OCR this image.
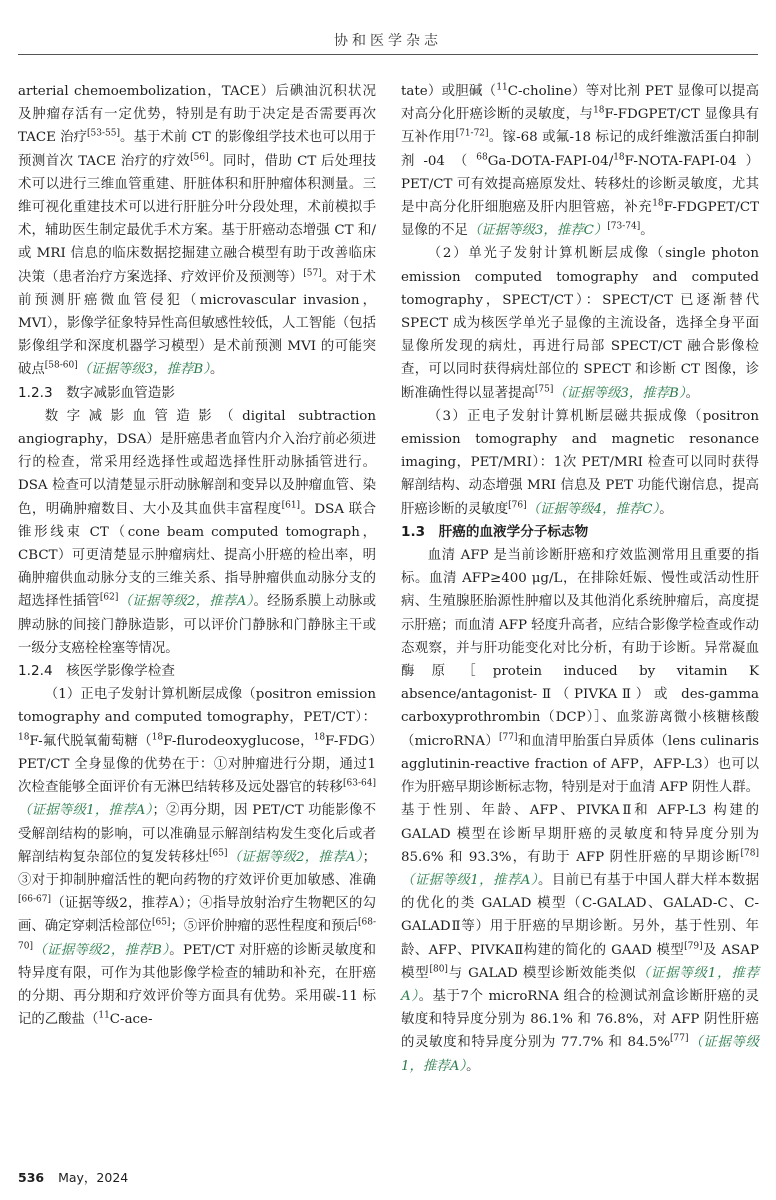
协和医学杂志

arterial chemoembolization，TACE）后碘油沉积状况及肿瘤存活有一定优势，特别是有助于决定是否需要再次 TACE 治疗[53-55]。基于术前 CT 的影像组学技术也可以用于预测首次 TACE 治疗的疗效[56]。同时，借助 CT 后处理技术可以进行三维血管重建、肝脏体积和肝肿瘤体积测量。三维可视化重建技术可以进行肝脏分叶分段处理，术前模拟手术，辅助医生制定最优手术方案。基于肝癌动态增强 CT 和/或 MRI 信息的临床数据挖掘建立融合模型有助于改善临床决策（患者治疗方案选择、疗效评价及预测等）[57]。对于术前预测肝癌微血管侵犯（microvascular invasion，MVI），影像学征象特异性高但敏感性较低，人工智能（包括影像组学和深度机器学习模型）是术前预测 MVI 的可能突破点[58-60]（证据等级3，推荐B）。

1.2.3　数字减影血管造影

数字减影血管造影（digital subtraction angiography，DSA）是肝癌患者血管内介入治疗前必须进行的检查，常采用经选择性或超选择性肝动脉插管进行。DSA 检查可以清楚显示肝动脉解剖和变异以及肿瘤血管、染色，明确肿瘤数目、大小及其血供丰富程度[61]。DSA 联合锥形线束 CT（cone beam computed tomograph，CBCT）可更清楚显示肿瘤病灶、提高小肝癌的检出率，明确肿瘤供血动脉分支的三维关系、指导肿瘤供血动脉分支的超选择性插管[62]（证据等级2，推荐A）。经肠系膜上动脉或脾动脉的间接门静脉造影，可以评价门静脉和门静脉主干或一级分支癌栓栓塞等情况。

1.2.4　核医学影像学检查

（1）正电子发射计算机断层成像（positron emission tomography and computed tomography，PET/CT）：$^{18}$F-氟代脱氧葡萄糖（$^{18}$F-flurodeoxyglucose，$^{18}$F-FDG）PET/CT 全身显像的优势在于：①对肿瘤进行分期，通过1次检查能够全面评价有无淋巴结转移及远处器官的转移[63-64]（证据等级1，推荐A）；②再分期，因 PET/CT 功能影像不受解剖结构的影响，可以准确显示解剖结构发生变化后或者解剖结构复杂部位的复发转移灶[65]（证据等级2，推荐A）；③对于抑制肿瘤活性的靶向药物的疗效评价更加敏感、准确[66-67]（证据等级2，推荐A）；④指导放射治疗生物靶区的勾画、确定穿刺活检部位[65]；⑤评价肿瘤的恶性程度和预后[68-70]（证据等级2，推荐B）。PET/CT 对肝癌的诊断灵敏度和特异度有限，可作为其他影像学检查的辅助和补充，在肝癌的分期、再分期和疗效评价等方面具有优势。采用碳-11 标记的乙酸盐（$^{11}$C-ace-

tate）或胆碱（$^{11}$C-choline）等对比剂 PET 显像可以提高对高分化肝癌诊断的灵敏度，与$^{18}$F-FDGPET/CT 显像具有互补作用[71-72]。镓-68 或氟-18 标记的成纤维激活蛋白抑制剂-04（$^{68}$Ga-DOTA-FAPI-04/$^{18}$F-NOTA-FAPI-04）PET/CT 可有效提高癌原发灶、转移灶的诊断灵敏度，尤其是中高分化肝细胞癌及肝内胆管癌，补充$^{18}$F-FDGPET/CT 显像的不足（证据等级3，推荐C）[73-74]。

（2）单光子发射计算机断层成像（single photon emission computed tomography and computed tomography，SPECT/CT）：SPECT/CT 已逐渐替代 SPECT 成为核医学单光子显像的主流设备，选择全身平面显像所发现的病灶，再进行局部 SPECT/CT 融合影像检查，可以同时获得病灶部位的 SPECT 和诊断 CT 图像，诊断准确性得以显著提高[75]（证据等级3，推荐B）。

（3）正电子发射计算机断层磁共振成像（positron emission tomography and magnetic resonance imaging，PET/MRI）：1次 PET/MRI 检查可以同时获得解剖结构、动态增强 MRI 信息及 PET 功能代谢信息，提高肝癌诊断的灵敏度[76]（证据等级4，推荐C）。

1.3　肝癌的血液学分子标志物

血清 AFP 是当前诊断肝癌和疗效监测常用且重要的指标。血清 AFP≥400 μg/L，在排除妊娠、慢性或活动性肝病、生殖腺胚胎源性肿瘤以及其他消化系统肿瘤后，高度提示肝癌；而血清 AFP 轻度升高者，应结合影像学检查或作动态观察，并与肝功能变化对比分析，有助于诊断。异常凝血酶原［protein induced by vitamin K absence/antagonist-Ⅱ（PIVKAⅡ）或 des-gamma carboxyprothrombin（DCP）］、血浆游离微小核糖核酸（microRNA）[77]和血清甲胎蛋白异质体（lens culinaris agglutinin-reactive fraction of AFP，AFP-L3）也可以作为肝癌早期诊断标志物，特别是对于血清 AFP 阴性人群。基于性别、年龄、AFP、PIVKAⅡ和 AFP-L3 构建的 GALAD 模型在诊断早期肝癌的灵敏度和特异度分别为 85.6% 和 93.3%，有助于 AFP 阴性肝癌的早期诊断[78]（证据等级1，推荐A）。目前已有基于中国人群大样本数据的优化的类 GALAD 模型（C-GALAD、GALAD-C、C-GALADⅡ等）用于肝癌的早期诊断。另外，基于性别、年龄、AFP、PIVKAⅡ构建的简化的 GAAD 模型[79]及 ASAP 模型[80]与 GALAD 模型诊断效能类似（证据等级1，推荐A）。基于7个 microRNA 组合的检测试剂盒诊断肝癌的灵敏度和特异度分别为 86.1% 和 76.8%，对 AFP 阴性肝癌的灵敏度和特异度分别为 77.7% 和 84.5%[77]（证据等级1，推荐A）。

536 May，2024
